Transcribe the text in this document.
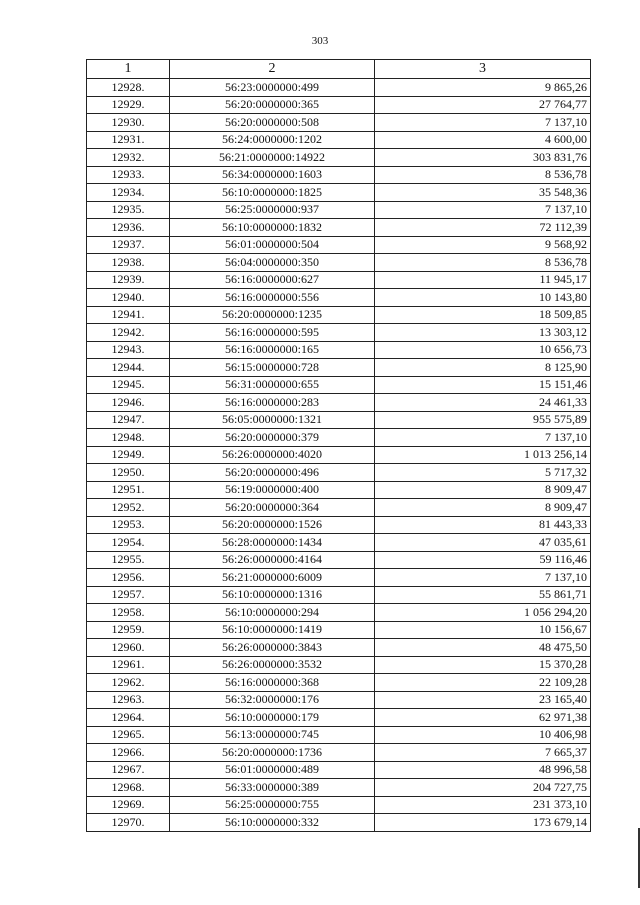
303
1	2	3
12928.	56:23:0000000:499	9 865,26
12929.	56:20:0000000:365	27 764,77
12930.	56:20:0000000:508	7 137,10
12931.	56:24:0000000:1202	4 600,00
12932.	56:21:0000000:14922	303 831,76
12933.	56:34:0000000:1603	8 536,78
12934.	56:10:0000000:1825	35 548,36
12935.	56:25:0000000:937	7 137,10
12936.	56:10:0000000:1832	72 112,39
12937.	56:01:0000000:504	9 568,92
12938.	56:04:0000000:350	8 536,78
12939.	56:16:0000000:627	11 945,17
12940.	56:16:0000000:556	10 143,80
12941.	56:20:0000000:1235	18 509,85
12942.	56:16:0000000:595	13 303,12
12943.	56:16:0000000:165	10 656,73
12944.	56:15:0000000:728	8 125,90
12945.	56:31:0000000:655	15 151,46
12946.	56:16:0000000:283	24 461,33
12947.	56:05:0000000:1321	955 575,89
12948.	56:20:0000000:379	7 137,10
12949.	56:26:0000000:4020	1 013 256,14
12950.	56:20:0000000:496	5 717,32
12951.	56:19:0000000:400	8 909,47
12952.	56:20:0000000:364	8 909,47
12953.	56:20:0000000:1526	81 443,33
12954.	56:28:0000000:1434	47 035,61
12955.	56:26:0000000:4164	59 116,46
12956.	56:21:0000000:6009	7 137,10
12957.	56:10:0000000:1316	55 861,71
12958.	56:10:0000000:294	1 056 294,20
12959.	56:10:0000000:1419	10 156,67
12960.	56:26:0000000:3843	48 475,50
12961.	56:26:0000000:3532	15 370,28
12962.	56:16:0000000:368	22 109,28
12963.	56:32:0000000:176	23 165,40
12964.	56:10:0000000:179	62 971,38
12965.	56:13:0000000:745	10 406,98
12966.	56:20:0000000:1736	7 665,37
12967.	56:01:0000000:489	48 996,58
12968.	56:33:0000000:389	204 727,75
12969.	56:25:0000000:755	231 373,10
12970.	56:10:0000000:332	173 679,14
